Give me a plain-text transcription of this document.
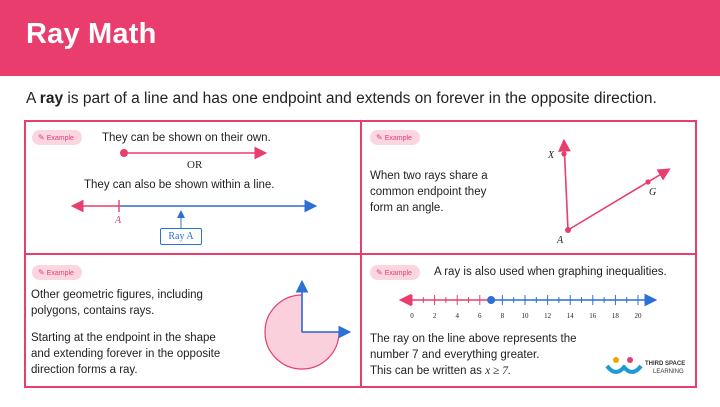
Ray Math
A ray is part of a line and has one endpoint and extends on forever in the opposite direction.
✎ Example	They can be shown on their own.
OR
They can also be shown within a line.
A
Ray A
✎ Example
When two rays share a
common endpoint they
form an angle.
X
G
A
✎ Example
Other geometric figures, including
polygons, contains rays.
Starting at the endpoint in the shape
and extending forever in the opposite
direction forms a ray.
✎ Example	A ray is also used when graphing inequalities.
0	2	4	6	8 10 12 14 16 18 20
The ray on the line above represents the
number 7 and everything greater.
This can be written as x ≥ 7.
THIRD SPACE
LEARNING
